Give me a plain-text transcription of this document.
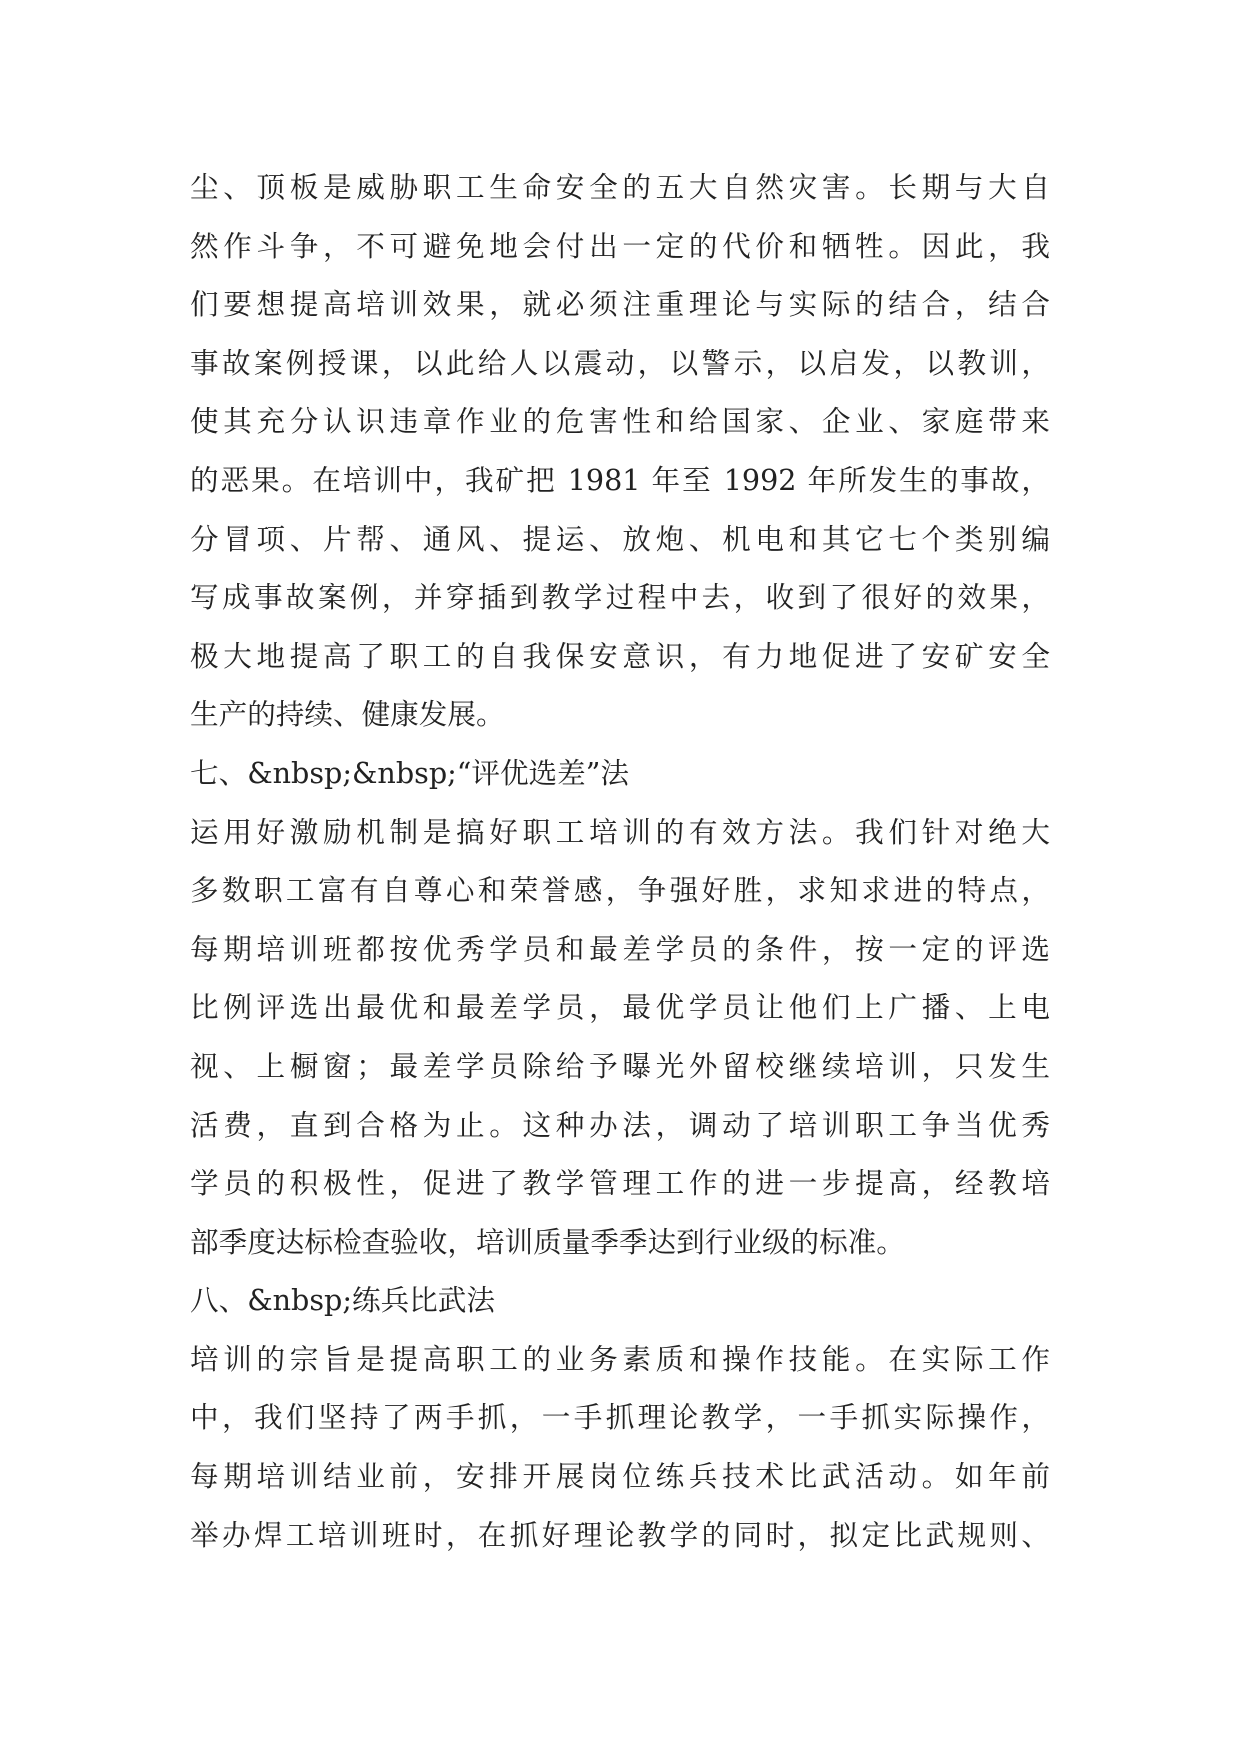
尘、顶板是威胁职工生命安全的五大自然灾害。长期与大自
然作斗争，不可避免地会付出一定的代价和牺牲。因此，我
们要想提高培训效果，就必须注重理论与实际的结合，结合
事故案例授课，以此给人以震动，以警示，以启发，以教训，
使其充分认识违章作业的危害性和给国家、企业、家庭带来
的恶果。在培训中，我矿把 1981 年至 1992 年所发生的事故，
分冒项、片帮、通风、提运、放炮、机电和其它七个类别编
写成事故案例，并穿插到教学过程中去，收到了很好的效果，
极大地提高了职工的自我保安意识，有力地促进了安矿安全
生产的持续、健康发展。
七、&nbsp;&nbsp;“评优选差”法
运用好激励机制是搞好职工培训的有效方法。我们针对绝大
多数职工富有自尊心和荣誉感，争强好胜，求知求进的特点，
每期培训班都按优秀学员和最差学员的条件，按一定的评选
比例评选出最优和最差学员，最优学员让他们上广播、上电
视、上橱窗；最差学员除给予曝光外留校继续培训，只发生
活费，直到合格为止。这种办法，调动了培训职工争当优秀
学员的积极性，促进了教学管理工作的进一步提高，经教培
部季度达标检查验收，培训质量季季达到行业级的标准。
八、&nbsp;练兵比武法
培训的宗旨是提高职工的业务素质和操作技能。在实际工作
中，我们坚持了两手抓，一手抓理论教学，一手抓实际操作，
每期培训结业前，安排开展岗位练兵技术比武活动。如年前
举办焊工培训班时，在抓好理论教学的同时，拟定比武规则、
